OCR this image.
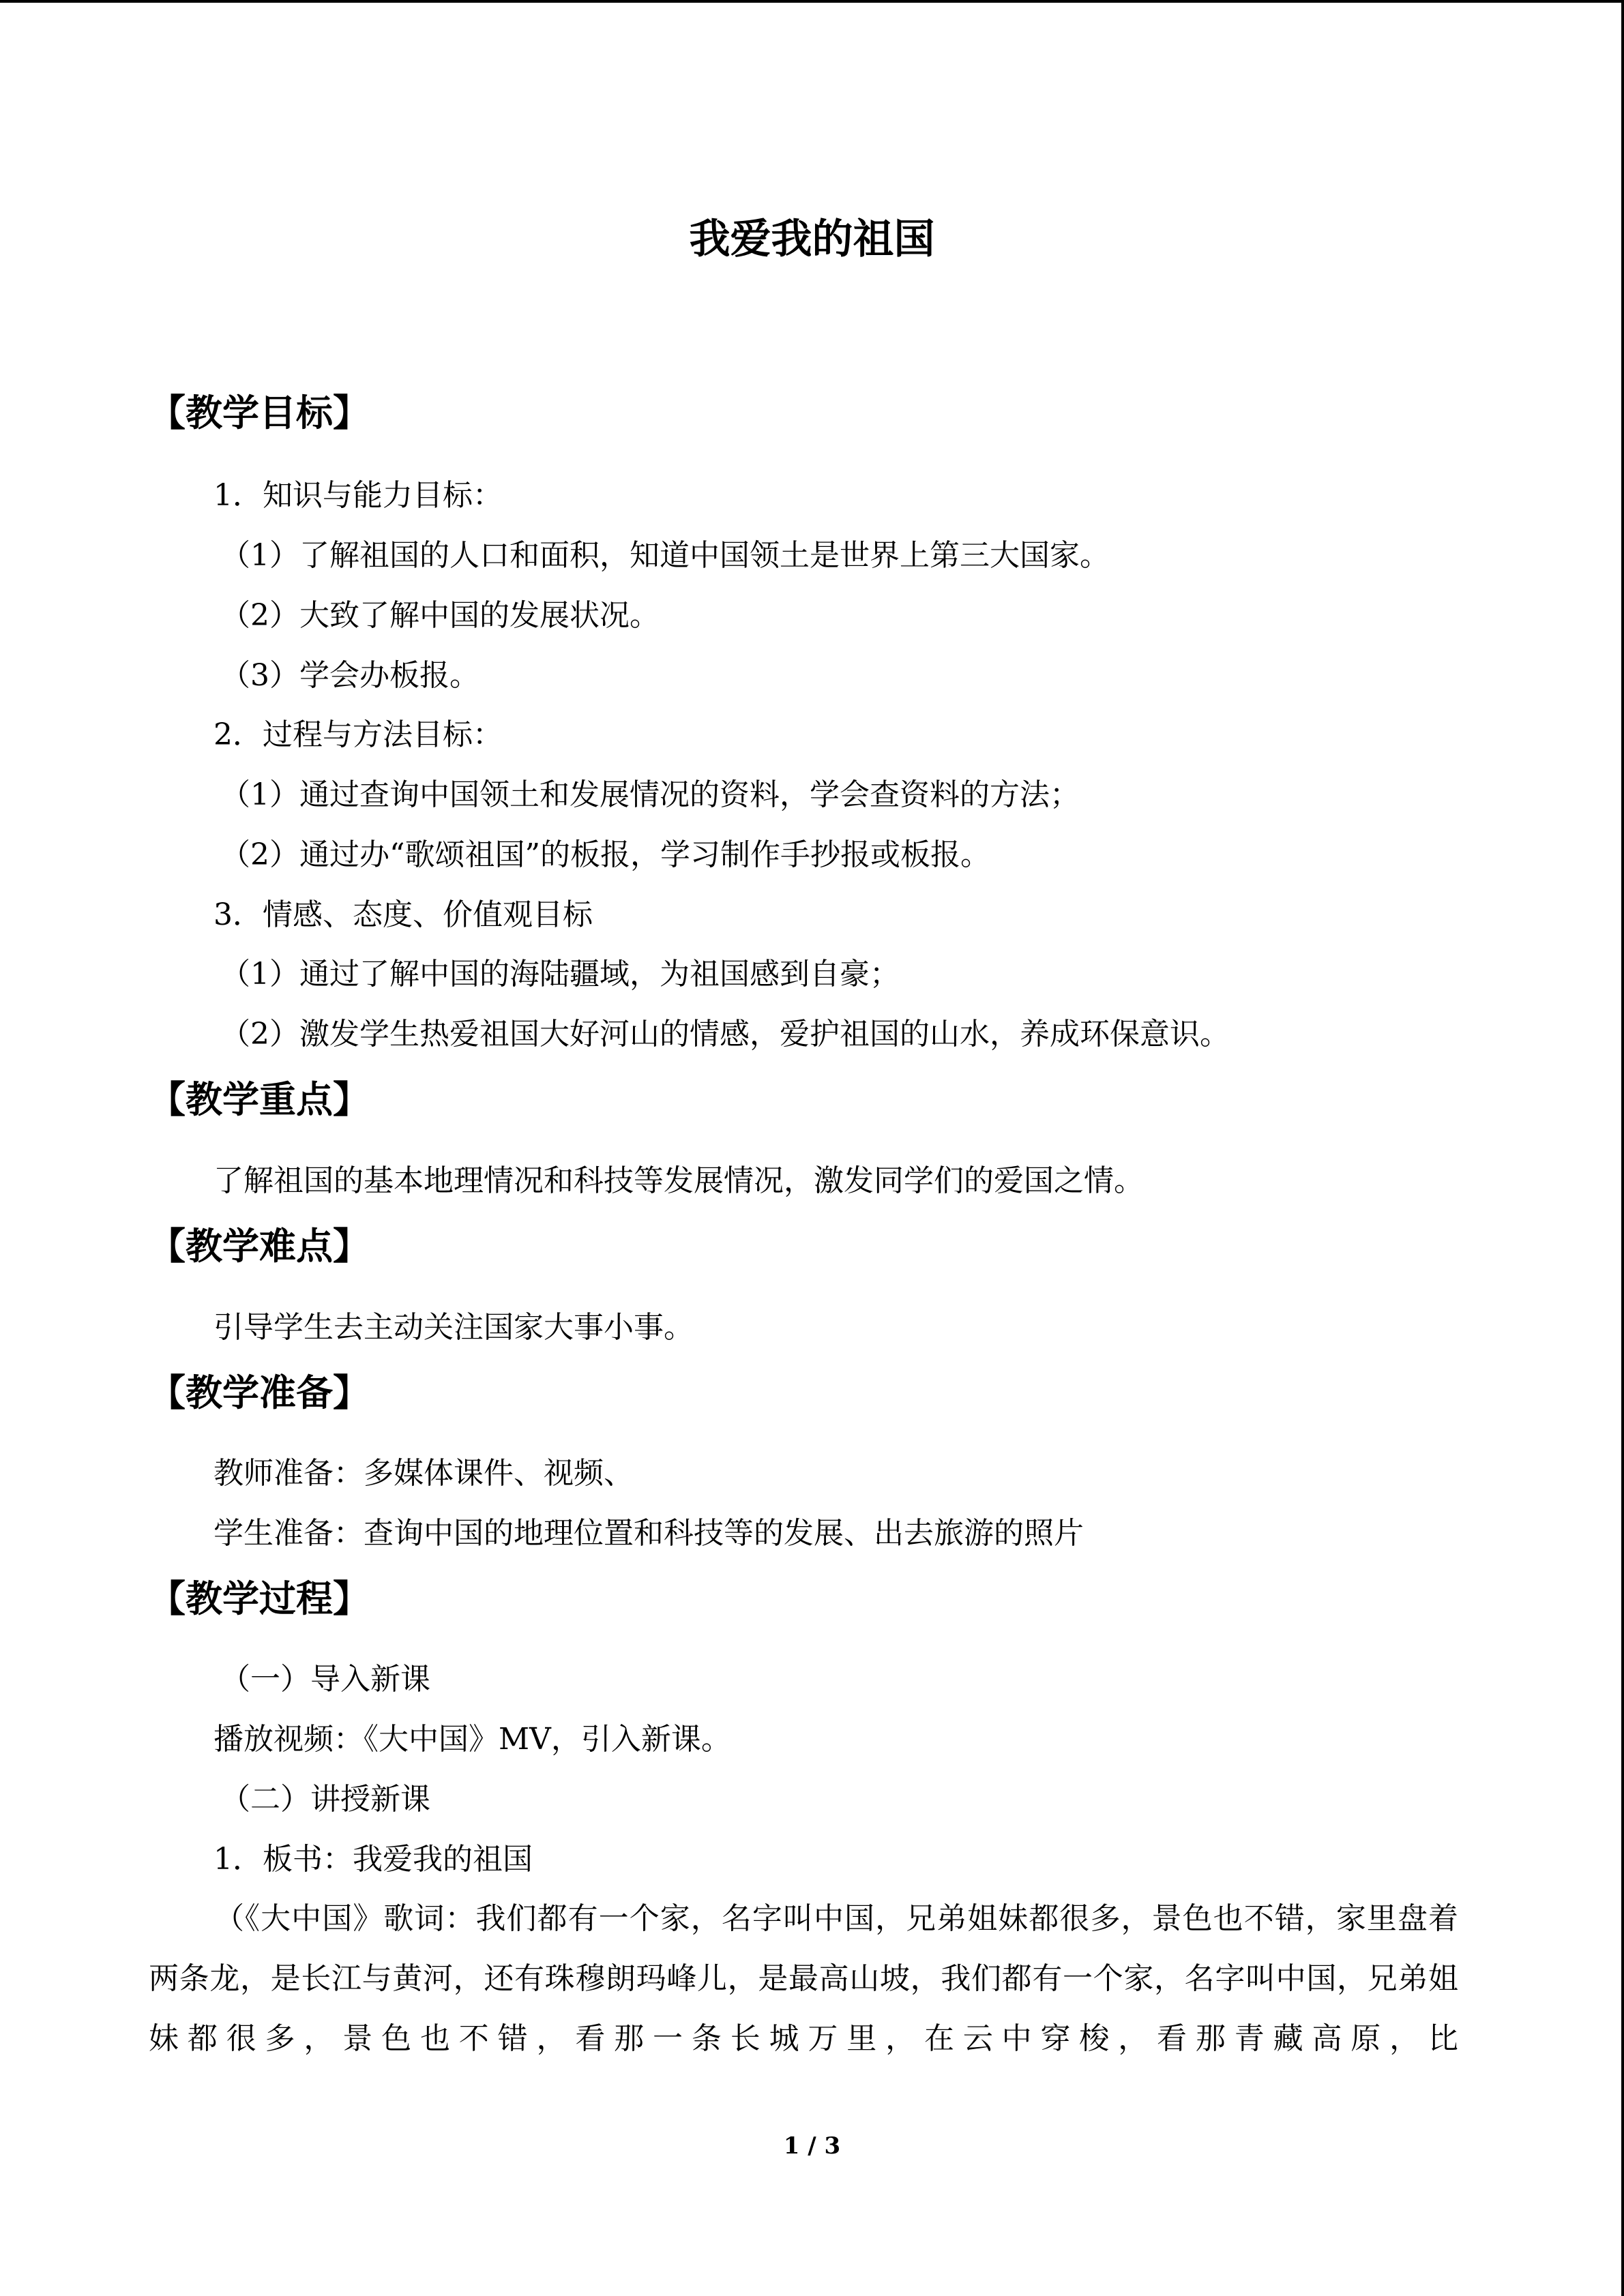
我爱我的祖国
【教学目标】
1．知识与能力目标：
（1）了解祖国的人口和面积，知道中国领土是世界上第三大国家。
（2）大致了解中国的发展状况。
（3）学会办板报。
2．过程与方法目标：
（1）通过查询中国领土和发展情况的资料，学会查资料的方法；
（2）通过办“歌颂祖国”的板报，学习制作手抄报或板报。
3．情感、态度、价值观目标
（1）通过了解中国的海陆疆域，为祖国感到自豪；
（2）激发学生热爱祖国大好河山的情感，爱护祖国的山水，养成环保意识。
【教学重点】
了解祖国的基本地理情况和科技等发展情况，激发同学们的爱国之情。
【教学难点】
引导学生去主动关注国家大事小事。
【教学准备】
教师准备：多媒体课件、视频、
学生准备：查询中国的地理位置和科技等的发展、出去旅游的照片
【教学过程】
（一）导入新课
播放视频：《大中国》MV，引入新课。
（二）讲授新课
1．板书：我爱我的祖国
（《大中国》歌词：我们都有一个家，名字叫中国，兄弟姐妹都很多，景色也不错，家里盘着两条龙，是长江与黄河，还有珠穆朗玛峰儿，是最高山坡，我们都有一个家，名字叫中国，兄弟姐妹都很多，景色也不错，看那一条长城万里，在云中穿梭，看那青藏高原，比
1 / 3
